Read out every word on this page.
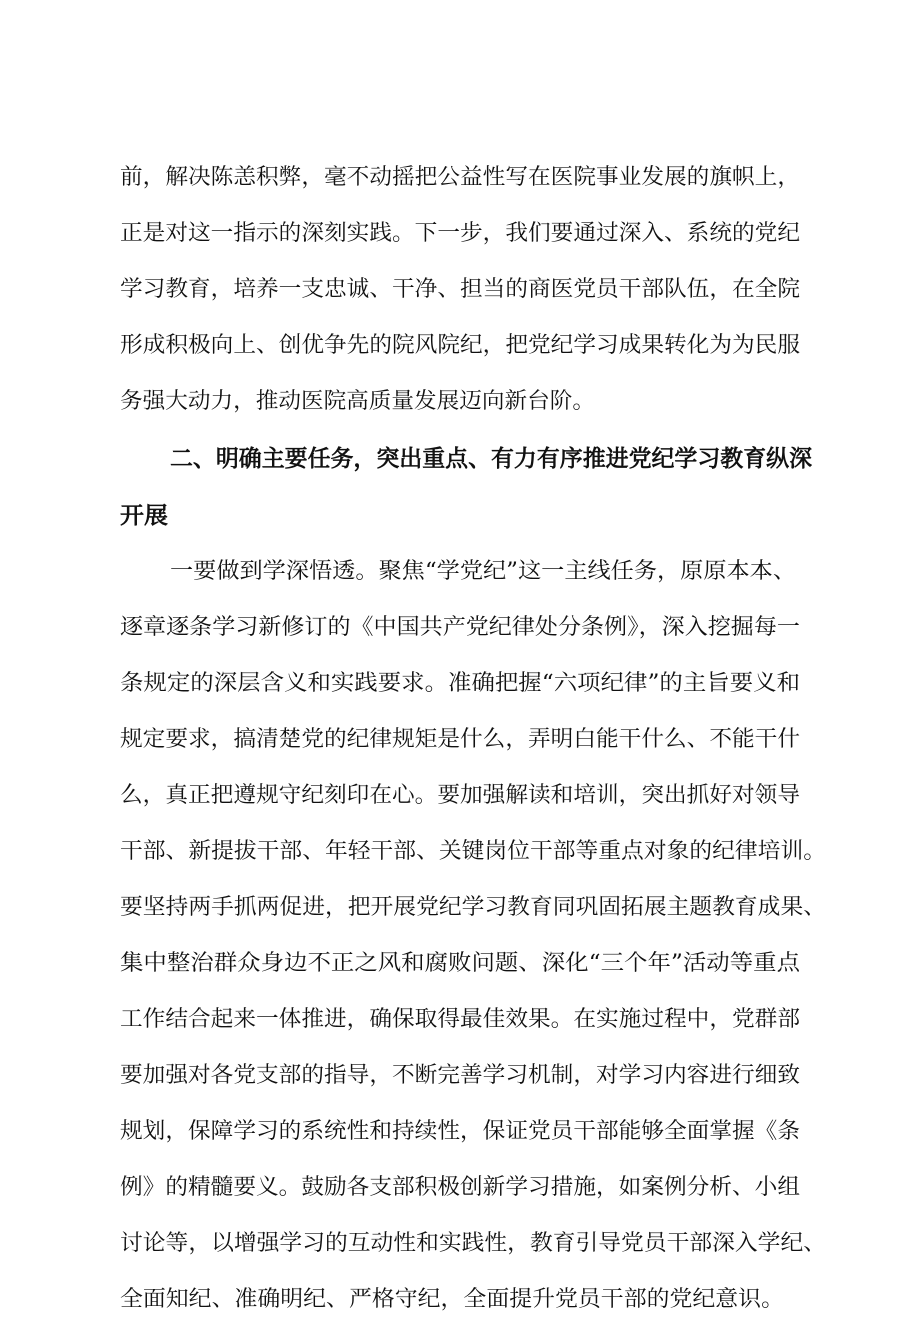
前，解决陈恙积弊，毫不动摇把公益性写在医院事业发展的旗帜上，

正是对这一指示的深刻实践。下一步，我们要通过深入、系统的党纪

学习教育，培养一支忠诚、干净、担当的商医党员干部队伍，在全院

形成积极向上、创优争先的院风院纪，把党纪学习成果转化为为民服

务强大动力，推动医院高质量发展迈向新台阶。

二、明确主要任务，突出重点、有力有序推进党纪学习教育纵深

开展

一要做到学深悟透。聚焦“学党纪”这一主线任务，原原本本、

逐章逐条学习新修订的《中国共产党纪律处分条例》，深入挖掘每一

条规定的深层含义和实践要求。准确把握“六项纪律”的主旨要义和

规定要求，搞清楚党的纪律规矩是什么，弄明白能干什么、不能干什

么，真正把遵规守纪刻印在心。要加强解读和培训，突出抓好对领导

干部、新提拔干部、年轻干部、关键岗位干部等重点对象的纪律培训。

要坚持两手抓两促进，把开展党纪学习教育同巩固拓展主题教育成果、

集中整治群众身边不正之风和腐败问题、深化“三个年”活动等重点

工作结合起来一体推进，确保取得最佳效果。在实施过程中，党群部

要加强对各党支部的指导，不断完善学习机制，对学习内容进行细致

规划，保障学习的系统性和持续性，保证党员干部能够全面掌握《条

例》的精髓要义。鼓励各支部积极创新学习措施，如案例分析、小组

讨论等，以增强学习的互动性和实践性，教育引导党员干部深入学纪、

全面知纪、准确明纪、严格守纪，全面提升党员干部的党纪意识。
